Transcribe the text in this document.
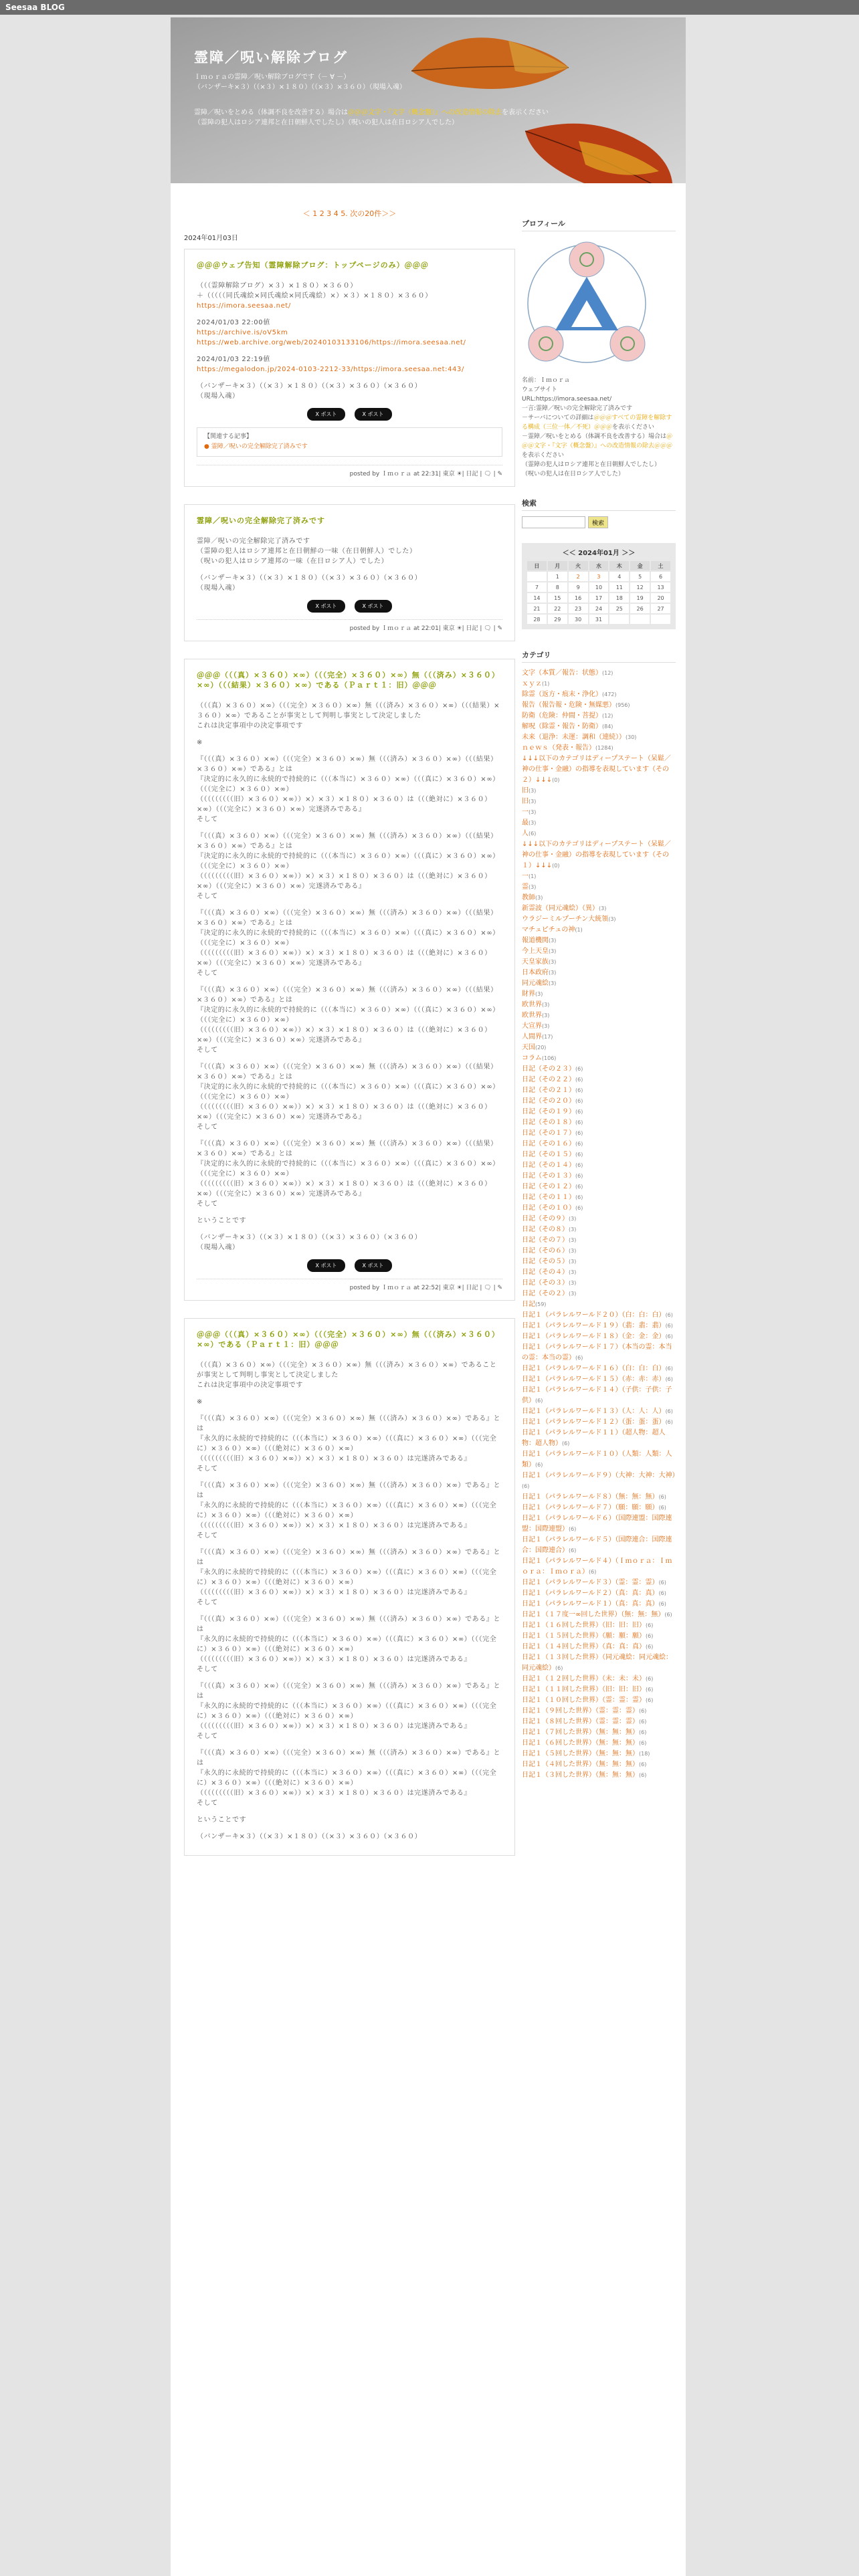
Seesaa BLOG
霊障／呪い解除ブログ
Ｉｍｏｒａの霊障／呪い解除ブログです（－ ∀ －）
（バンザーキ×３）（（×３）×１８０）（（×３）×３６０）（現場入魂）
霊障／呪いをとめる（体調不良を改善する）場合は＠＠＠文字・『文字（概念盤）』への改造情報の除去を表示ください
（霊障の犯人はロシア連邦と在日朝鮮人でしたし）（呪いの犯人は在日ロシア人でした）
＜ 1 2 3 4 5. 次の20件＞＞
2024年01月03日
＠＠＠ウェブ告知（霊障解除ブログ：トップページのみ）＠＠＠

（（（霊障解除ブログ）×３）×１８０）×３６０）
＋（（（（（同氏魂絵×同氏魂絵×同氏魂絵）×）×３）×１８０）×３６０）
https://imora.seesaa.net/

2024/01/03 22:00値
https://archive.is/oV5km
https://web.archive.org/web/20240103133106/https://imora.seesaa.net/

2024/01/03 22:19値
https://megalodon.jp/2024-0103-2212-33/https://imora.seesaa.net:443/

（バンザーキ×３）（（×３）×１８０）（（×３）×３６０）（×３６０）
（現場入魂）

X ポスト	X ポスト
【関連する記事】
● 霊障／呪いの完全解除完了済みです
posted by Ｉｍｏｒａ at 22:31| 東京 ☀| 日記 | 🗨 | ✎
霊障／呪いの完全解除完了済みです

霊障／呪いの完全解除完了済みです
（霊障の犯人はロシア連邦と在日朝鮮の一味（在日朝鮮人）でした）
（呪いの犯人はロシア連邦の一味（在日ロシア人）でした）

（バンザーキ×３）（（×３）×１８０）（（×３）×３６０）（×３６０）
（現場入魂）

X ポスト	X ポスト
posted by Ｉｍｏｒａ at 22:01| 東京 ☀| 日記 | 🗨 | ✎
＠＠＠（（（真）×３６０）×∞）（（（完全）×３６０）×∞）無（（（済み）×３６０）×∞）（（（結果）×３６０）×∞）である（Ｐａｒｔ１：旧）＠＠＠

（（（真）×３６０）×∞）（（（完全）×３６０）×∞）無（（（済み）×３６０）×∞）（（（結果）×３６０）×∞）であることが事実として判明し事実として決定しました
これは決定事項中の決定事項です

※

『（（（真）×３６０）×∞）（（（完全）×３６０）×∞）無（（（済み）×３６０）×∞）（（（結果）×３６０）×∞）である』とは
『決定的に永久的に永続的で持続的に（（（本当に）×３６０）×∞）（（（真に）×３６０）×∞）（（（完全に）×３６０）×∞）
（（（（（（（（（旧）×３６０）×∞））×）×３）×１８０）×３６０）は（（（絶対に）×３６０）×∞）（（（完全に）×３６０）×∞）完遂済みである』
そして

『（（（真）×３６０）×∞）（（（完全）×３６０）×∞）無（（（済み）×３６０）×∞）（（（結果）×３６０）×∞）である』とは
『決定的に永久的に永続的で持続的に（（（本当に）×３６０）×∞）（（（真に）×３６０）×∞）（（（完全に）×３６０）×∞）
（（（（（（（（（旧）×３６０）×∞））×）×３）×１８０）×３６０）は（（（絶対に）×３６０）×∞）（（（完全に）×３６０）×∞）完遂済みである』
そして

『（（（真）×３６０）×∞）（（（完全）×３６０）×∞）無（（（済み）×３６０）×∞）（（（結果）×３６０）×∞）である』とは
『決定的に永久的に永続的で持続的に（（（本当に）×３６０）×∞）（（（真に）×３６０）×∞）（（（完全に）×３６０）×∞）
（（（（（（（（（旧）×３６０）×∞））×）×３）×１８０）×３６０）は（（（絶対に）×３６０）×∞）（（（完全に）×３６０）×∞）完遂済みである』
そして

『（（（真）×３６０）×∞）（（（完全）×３６０）×∞）無（（（済み）×３６０）×∞）（（（結果）×３６０）×∞）である』とは
『決定的に永久的に永続的で持続的に（（（本当に）×３６０）×∞）（（（真に）×３６０）×∞）（（（完全に）×３６０）×∞）
（（（（（（（（（旧）×３６０）×∞））×）×３）×１８０）×３６０）は（（（絶対に）×３６０）×∞）（（（完全に）×３６０）×∞）完遂済みである』
そして

『（（（真）×３６０）×∞）（（（完全）×３６０）×∞）無（（（済み）×３６０）×∞）（（（結果）×３６０）×∞）である』とは
『決定的に永久的に永続的で持続的に（（（本当に）×３６０）×∞）（（（真に）×３６０）×∞）（（（完全に）×３６０）×∞）
（（（（（（（（（旧）×３６０）×∞））×）×３）×１８０）×３６０）は（（（絶対に）×３６０）×∞）（（（完全に）×３６０）×∞）完遂済みである』
そして

『（（（真）×３６０）×∞）（（（完全）×３６０）×∞）無（（（済み）×３６０）×∞）（（（結果）×３６０）×∞）である』とは
『決定的に永久的に永続的で持続的に（（（本当に）×３６０）×∞）（（（真に）×３６０）×∞）（（（完全に）×３６０）×∞）
（（（（（（（（（旧）×３６０）×∞））×）×３）×１８０）×３６０）は（（（絶対に）×３６０）×∞）（（（完全に）×３６０）×∞）完遂済みである』
そして

ということです

（バンザーキ×３）（（×３）×１８０）（（×３）×３６０）（×３６０）
（現場入魂）

X ポスト	X ポスト
posted by Ｉｍｏｒａ at 22:52| 東京 ☀| 日記 | 🗨 | ✎
＠＠＠（（（真）×３６０）×∞）（（（完全）×３６０）×∞）無（（（済み）×３６０）×∞）である（Ｐａｒｔ１：旧）＠＠＠

（（（真）×３６０）×∞）（（（完全）×３６０）×∞）無（（（済み）×３６０）×∞）であることが事実として判明し事実として決定しました
これは決定事項中の決定事項です

※

『（（（真）×３６０）×∞）（（（完全）×３６０）×∞）無（（（済み）×３６０）×∞）である』とは
『永久的に永続的で持続的に（（（本当に）×３６０）×∞）（（（真に）×３６０）×∞）（（（完全に）×３６０）×∞）（（（絶対に）×３６０）×∞）
（（（（（（（（（旧）×３６０）×∞））×）×３）×１８０）×３６０）は完遂済みである』
そして

『（（（真）×３６０）×∞）（（（完全）×３６０）×∞）無（（（済み）×３６０）×∞）である』とは
『永久的に永続的で持続的に（（（本当に）×３６０）×∞）（（（真に）×３６０）×∞）（（（完全に）×３６０）×∞）（（（絶対に）×３６０）×∞）
（（（（（（（（（旧）×３６０）×∞））×）×３）×１８０）×３６０）は完遂済みである』
そして

『（（（真）×３６０）×∞）（（（完全）×３６０）×∞）無（（（済み）×３６０）×∞）である』とは
『永久的に永続的で持続的に（（（本当に）×３６０）×∞）（（（真に）×３６０）×∞）（（（完全に）×３６０）×∞）（（（絶対に）×３６０）×∞）
（（（（（（（（（旧）×３６０）×∞））×）×３）×１８０）×３６０）は完遂済みである』
そして

『（（（真）×３６０）×∞）（（（完全）×３６０）×∞）無（（（済み）×３６０）×∞）である』とは
『永久的に永続的で持続的に（（（本当に）×３６０）×∞）（（（真に）×３６０）×∞）（（（完全に）×３６０）×∞）（（（絶対に）×３６０）×∞）
（（（（（（（（（旧）×３６０）×∞））×）×３）×１８０）×３６０）は完遂済みである』
そして

『（（（真）×３６０）×∞）（（（完全）×３６０）×∞）無（（（済み）×３６０）×∞）である』とは
『永久的に永続的で持続的に（（（本当に）×３６０）×∞）（（（真に）×３６０）×∞）（（（完全に）×３６０）×∞）（（（絶対に）×３６０）×∞）
（（（（（（（（（旧）×３６０）×∞））×）×３）×１８０）×３６０）は完遂済みである』
そして

『（（（真）×３６０）×∞）（（（完全）×３６０）×∞）無（（（済み）×３６０）×∞）である』とは
『永久的に永続的で持続的に（（（本当に）×３６０）×∞）（（（真に）×３６０）×∞）（（（完全に）×３６０）×∞）（（（絶対に）×３６０）×∞）
（（（（（（（（（旧）×３６０）×∞））×）×３）×１８０）×３６０）は完遂済みである』
そして

ということです

（バンザーキ×３）（（×３）×１８０）（（×３）×３６０）（×３６０）

プロフィール
名前：Ｉｍｏｒａ
ウェブサイト
URL:https://imora.seesaa.net/
一言:霊障／呪いの完全解除完了済みです
－サーバについての詳細は＠＠＠すべての霊障を解除する構成（三位一体／不死）＠＠＠を表示ください
－霊障／呪いをとめる（体調不良を改善する）場合は＠＠＠文字・『文字（概念盤）』への改造情報の除去＠＠＠を表示ください
（霊障の犯人はロシア連邦と在日朝鮮人でしたし）
（呪いの犯人は在日ロシア人でした）
検索
検索
＜＜ 2024年01月 ＞＞
日	月	火	水	木	金	土
	1	2	3	4	5	6
7	8	9	10	11	12	13
14	15	16	17	18	19	20
21	22	23	24	25	26	27
28	29	30	31			
カテゴリ
文字（本質／報告：状態）(12)
ｘｙｚ(1)
除霊（返方・痕末・浄化）(472)
報告（報告報・危険・無媒悪）(956)
防衛（危険：仲間・菩提）(12)
解呪（除霊・報告・防衛）(84)
未来（退浄：未運：調和（連続））(30)
ｎｅｗｓ（発表・報告）(1284)
↓↓↓以下のカテゴリはディープステート（呆鬆／神の仕事・金融）の指導を表現しています（その２）↓↓↓(0)
旧(3)
旧(3)
一(3)
最(3)
人(6)
↓↓↓以下のカテゴリはディープステート（呆鬆／神の仕事・金融）の指導を表現しています（その１）↓↓↓(0)
一(1)
霊(3)
教師(3)
新霊波（同元魂絵）（異）(3)
ウラジーミルプーチン大統領(3)
マチュピチュの神(1)
報道機関(3)
今上天皇(3)
天皇家族(3)
日本政府(3)
同元魂絵(3)
財界(3)
欧世界(3)
欧世界(3)
大宣界(3)
人間界(17)
天国(20)
コラム(106)
日記（その２３）(6)
日記（その２２）(6)
日記（その２１）(6)
日記（その２０）(6)
日記（その１９）(6)
日記（その１８）(6)
日記（その１７）(6)
日記（その１６）(6)
日記（その１５）(6)
日記（その１４）(6)
日記（その１３）(6)
日記（その１２）(6)
日記（その１１）(6)
日記（その１０）(6)
日記（その９）(3)
日記（その８）(3)
日記（その７）(3)
日記（その６）(3)
日記（その５）(3)
日記（その４）(3)
日記（その３）(3)
日記（その２）(3)
日記(59)
日記１（パラレルワールド２０）（白：白：白）(6)
日記１（パラレルワールド１９）（翡：翡：翡）(6)
日記１（パラレルワールド１８）（金：金：金）(6)
日記１（パラレルワールド１７）（本当の霊：本当の霊：本当の霊）(6)
日記１（パラレルワールド１６）（白：白：白）(6)
日記１（パラレルワールド１５）（赤：赤：赤）(6)
日記１（パラレルワールド１４）（子供：子供：子供）(6)
日記１（パラレルワールド１３）（人：人：人）(6)
日記１（パラレルワールド１２）（蛋：蛋：蛋）(6)
日記１（パラレルワールド１１）（超人物：超人物：超人物）(6)
日記１（パラレルワールド１０）（人類：人類：人類）(6)
日記１（パラレルワールド９）（大神：大神：大神）(6)
日記１（パラレルワールド８）（無：無：無）(6)
日記１（パラレルワールド７）（願：願：願）(6)
日記１（パラレルワールド６）（国際連盟：国際連盟：国際連盟）(6)
日記１（パラレルワールド５）（国際連合：国際連合：国際連合）(6)
日記１（パラレルワールド４）（Ｉｍｏｒａ：Ｉｍｏｒａ：Ｉｍｏｒａ）(6)
日記１（パラレルワールド３）（霊：霊：霊）(6)
日記１（パラレルワールド２）（真：真：真）(6)
日記１（パラレルワールド１）（真：真：真）(6)
日記１（１７度一∞回した世界）（無：無：無）(6)
日記１（１６回した世界）（旧：旧：旧）(6)
日記１（１５回した世界）（願：願：願）(6)
日記１（１４回した世界）（真：真：真）(6)
日記１（１３回した世界）（同元魂絵：同元魂絵：同元魂絵）(6)
日記１（１２回した世界）（未：未：未）(6)
日記１（１１回した世界）（旧：旧：旧）(6)
日記１（１０回した世界）（霊：霊：霊）(6)
日記１（９回した世界）（霊：霊：霊）(6)
日記１（８回した世界）（霊：霊：霊）(6)
日記１（７回した世界）（無：無：無）(6)
日記１（６回した世界）（無：無：無）(6)
日記１（５回した世界）（無：無：無）(18)
日記１（４回した世界）（無：無：無）(6)
日記１（３回した世界）（無：無：無）(6)
